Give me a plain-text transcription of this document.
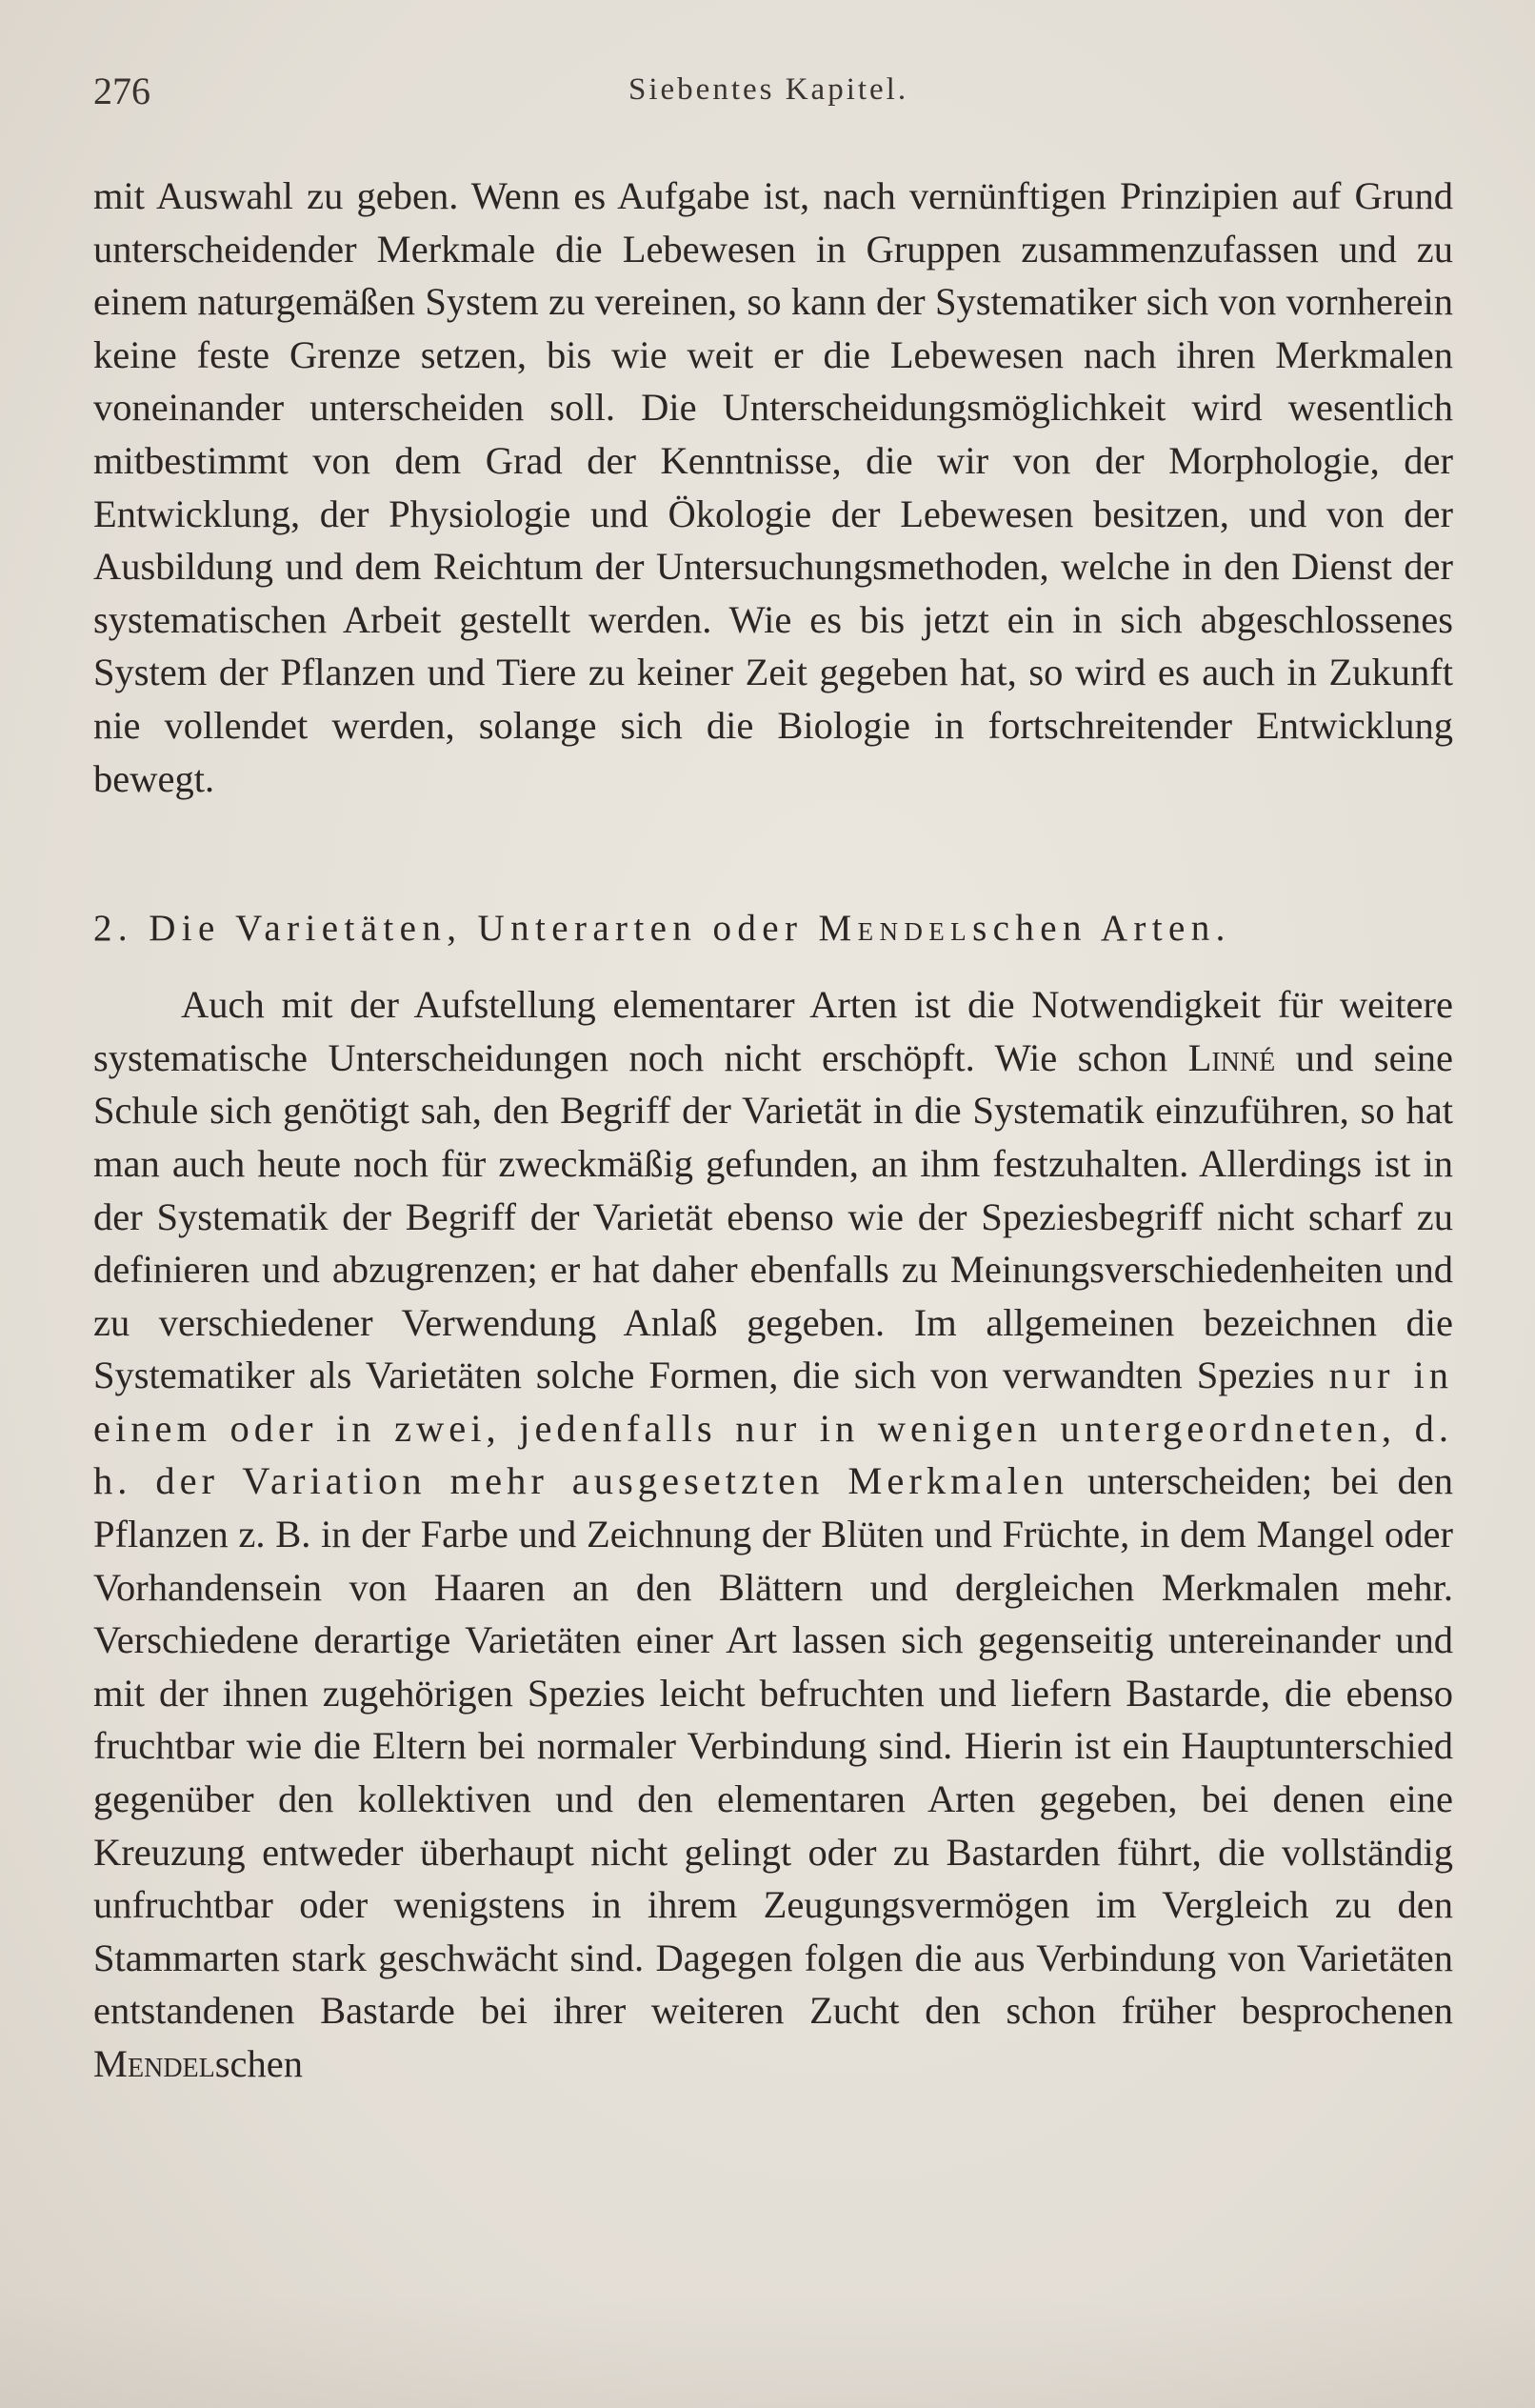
276	Siebentes Kapitel.

mit Auswahl zu geben. Wenn es Aufgabe ist, nach vernünftigen Prinzipien auf Grund unterscheidender Merkmale die Lebewesen in Gruppen zusammenzufassen und zu einem naturgemäßen System zu vereinen, so kann der Systematiker sich von vornherein keine feste Grenze setzen, bis wie weit er die Lebewesen nach ihren Merkmalen voneinander unterscheiden soll. Die Unterscheidungsmöglichkeit wird wesentlich mitbestimmt von dem Grad der Kenntnisse, die wir von der Morphologie, der Entwicklung, der Physiologie und Ökologie der Lebewesen besitzen, und von der Ausbildung und dem Reichtum der Untersuchungsmethoden, welche in den Dienst der systematischen Arbeit gestellt werden. Wie es bis jetzt ein in sich abgeschlossenes System der Pflanzen und Tiere zu keiner Zeit gegeben hat, so wird es auch in Zukunft nie vollendet werden, solange sich die Biologie in fortschreitender Entwicklung bewegt.

2. Die Varietäten, Unterarten oder Mendelschen Arten.

Auch mit der Aufstellung elementarer Arten ist die Notwendigkeit für weitere systematische Unterscheidungen noch nicht erschöpft. Wie schon Linné und seine Schule sich genötigt sah, den Begriff der Varietät in die Systematik einzuführen, so hat man auch heute noch für zweckmäßig gefunden, an ihm festzuhalten. Allerdings ist in der Systematik der Begriff der Varietät ebenso wie der Speziesbegriff nicht scharf zu definieren und abzugrenzen; er hat daher ebenfalls zu Meinungsverschiedenheiten und zu verschiedener Verwendung Anlaß gegeben. Im allgemeinen bezeichnen die Systematiker als Varietäten solche Formen, die sich von verwandten Spezies nur in einem oder in zwei, jedenfalls nur in wenigen untergeordneten, d. h. der Variation mehr ausgesetzten Merkmalen unterscheiden; bei den Pflanzen z. B. in der Farbe und Zeichnung der Blüten und Früchte, in dem Mangel oder Vorhandensein von Haaren an den Blättern und dergleichen Merkmalen mehr. Verschiedene derartige Varietäten einer Art lassen sich gegenseitig untereinander und mit der ihnen zugehörigen Spezies leicht befruchten und liefern Bastarde, die ebenso fruchtbar wie die Eltern bei normaler Verbindung sind. Hierin ist ein Hauptunterschied gegenüber den kollektiven und den elementaren Arten gegeben, bei denen eine Kreuzung entweder überhaupt nicht gelingt oder zu Bastarden führt, die vollständig unfruchtbar oder wenigstens in ihrem Zeugungsvermögen im Vergleich zu den Stammarten stark geschwächt sind. Dagegen folgen die aus Verbindung von Varietäten entstandenen Bastarde bei ihrer weiteren Zucht den schon früher besprochenen Mendelschen
